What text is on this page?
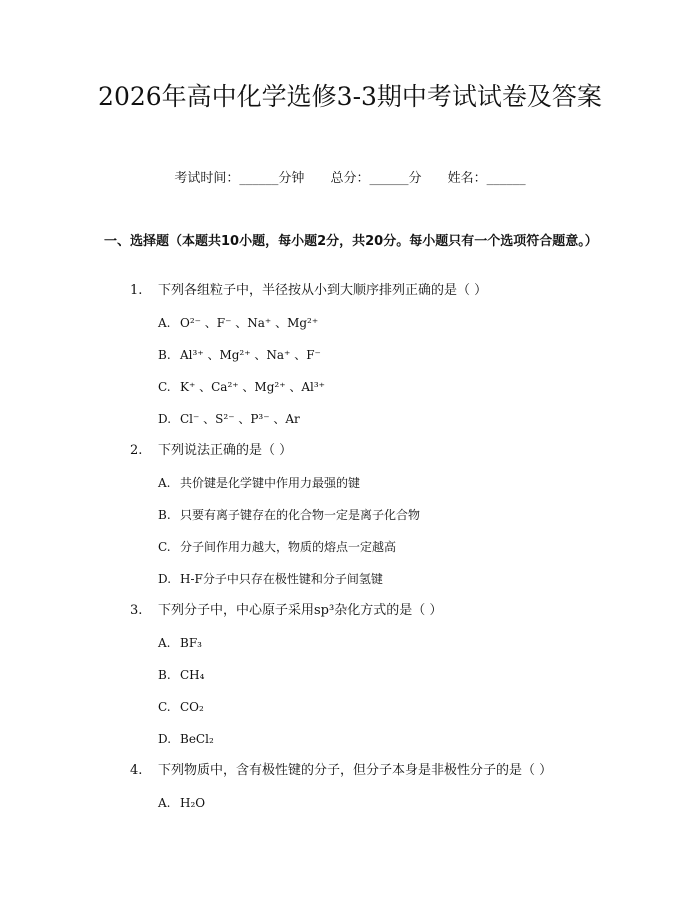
2026年高中化学选修3-3期中考试试卷及答案
考试时间：______分钟 总分：______分 姓名：______
一、选择题（本题共10小题，每小题2分，共20分。每小题只有一个选项符合题意。）
1. 下列各组粒子中，半径按从小到大顺序排列正确的是（ ）
A. O²⁻ 、F⁻ 、Na⁺ 、Mg²⁺
B. Al³⁺ 、Mg²⁺ 、Na⁺ 、F⁻
C. K⁺ 、Ca²⁺ 、Mg²⁺ 、Al³⁺
D. Cl⁻ 、S²⁻ 、P³⁻ 、Ar
2. 下列说法正确的是（ ）
A. 共价键是化学键中作用力最强的键
B. 只要有离子键存在的化合物一定是离子化合物
C. 分子间作用力越大，物质的熔点一定越高
D. H-F分子中只存在极性键和分子间氢键
3. 下列分子中，中心原子采用sp³杂化方式的是（ ）
A. BF₃
B. CH₄
C. CO₂
D. BeCl₂
4. 下列物质中，含有极性键的分子，但分子本身是非极性分子的是（ ）
A. H₂O
